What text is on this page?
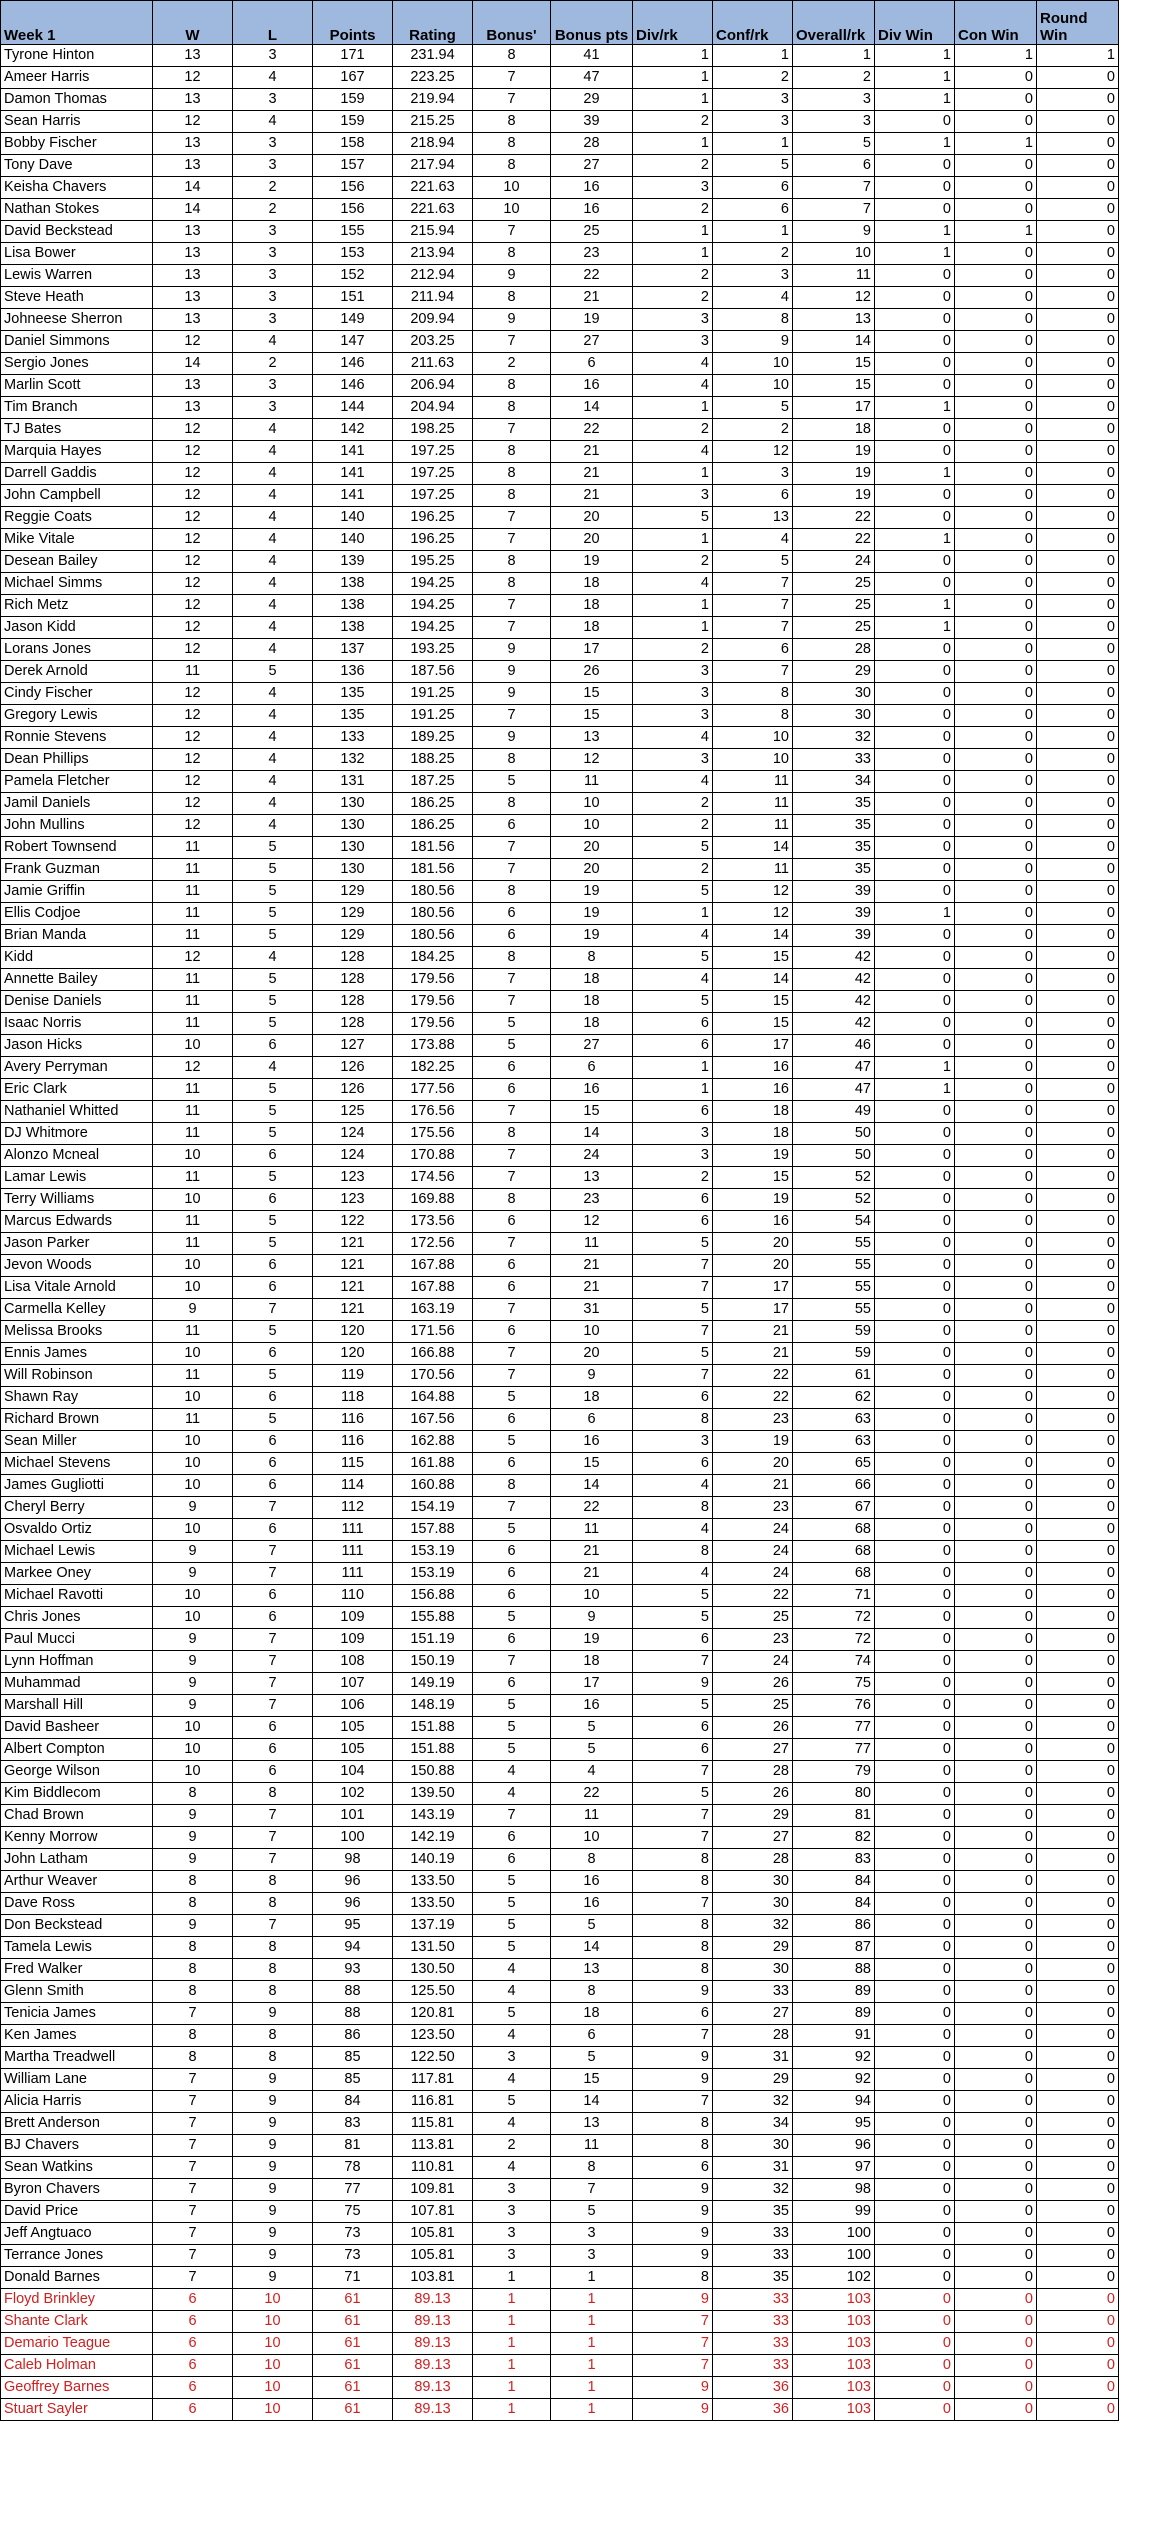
Week 1	W	L	Points	Rating	Bonus'	Bonus pts	Div/rk	Conf/rk	Overall/rk	Div Win	Con Win	Round Win
Tyrone Hinton	13	3	171	231.94	8	41	1	1	1	1	1	1
Ameer Harris	12	4	167	223.25	7	47	1	2	2	1	0	0
Damon Thomas	13	3	159	219.94	7	29	1	3	3	1	0	0
Sean Harris	12	4	159	215.25	8	39	2	3	3	0	0	0
Bobby Fischer	13	3	158	218.94	8	28	1	1	5	1	1	0
Tony Dave	13	3	157	217.94	8	27	2	5	6	0	0	0
Keisha Chavers	14	2	156	221.63	10	16	3	6	7	0	0	0
Nathan Stokes	14	2	156	221.63	10	16	2	6	7	0	0	0
David Beckstead	13	3	155	215.94	7	25	1	1	9	1	1	0
Lisa Bower	13	3	153	213.94	8	23	1	2	10	1	0	0
Lewis Warren	13	3	152	212.94	9	22	2	3	11	0	0	0
Steve Heath	13	3	151	211.94	8	21	2	4	12	0	0	0
Johneese Sherron	13	3	149	209.94	9	19	3	8	13	0	0	0
Daniel Simmons	12	4	147	203.25	7	27	3	9	14	0	0	0
Sergio Jones	14	2	146	211.63	2	6	4	10	15	0	0	0
Marlin Scott	13	3	146	206.94	8	16	4	10	15	0	0	0
Tim Branch	13	3	144	204.94	8	14	1	5	17	1	0	0
TJ Bates	12	4	142	198.25	7	22	2	2	18	0	0	0
Marquia Hayes	12	4	141	197.25	8	21	4	12	19	0	0	0
Darrell Gaddis	12	4	141	197.25	8	21	1	3	19	1	0	0
John Campbell	12	4	141	197.25	8	21	3	6	19	0	0	0
Reggie Coats	12	4	140	196.25	7	20	5	13	22	0	0	0
Mike Vitale	12	4	140	196.25	7	20	1	4	22	1	0	0
Desean Bailey	12	4	139	195.25	8	19	2	5	24	0	0	0
Michael Simms	12	4	138	194.25	8	18	4	7	25	0	0	0
Rich Metz	12	4	138	194.25	7	18	1	7	25	1	0	0
Jason Kidd	12	4	138	194.25	7	18	1	7	25	1	0	0
Lorans Jones	12	4	137	193.25	9	17	2	6	28	0	0	0
Derek Arnold	11	5	136	187.56	9	26	3	7	29	0	0	0
Cindy Fischer	12	4	135	191.25	9	15	3	8	30	0	0	0
Gregory Lewis	12	4	135	191.25	7	15	3	8	30	0	0	0
Ronnie Stevens	12	4	133	189.25	9	13	4	10	32	0	0	0
Dean Phillips	12	4	132	188.25	8	12	3	10	33	0	0	0
Pamela Fletcher	12	4	131	187.25	5	11	4	11	34	0	0	0
Jamil Daniels	12	4	130	186.25	8	10	2	11	35	0	0	0
John Mullins	12	4	130	186.25	6	10	2	11	35	0	0	0
Robert Townsend	11	5	130	181.56	7	20	5	14	35	0	0	0
Frank Guzman	11	5	130	181.56	7	20	2	11	35	0	0	0
Jamie Griffin	11	5	129	180.56	8	19	5	12	39	0	0	0
Ellis Codjoe	11	5	129	180.56	6	19	1	12	39	1	0	0
Brian Manda	11	5	129	180.56	6	19	4	14	39	0	0	0
Kidd	12	4	128	184.25	8	8	5	15	42	0	0	0
Annette Bailey	11	5	128	179.56	7	18	4	14	42	0	0	0
Denise Daniels	11	5	128	179.56	7	18	5	15	42	0	0	0
Isaac Norris	11	5	128	179.56	5	18	6	15	42	0	0	0
Jason Hicks	10	6	127	173.88	5	27	6	17	46	0	0	0
Avery Perryman	12	4	126	182.25	6	6	1	16	47	1	0	0
Eric Clark	11	5	126	177.56	6	16	1	16	47	1	0	0
Nathaniel Whitted	11	5	125	176.56	7	15	6	18	49	0	0	0
DJ Whitmore	11	5	124	175.56	8	14	3	18	50	0	0	0
Alonzo Mcneal	10	6	124	170.88	7	24	3	19	50	0	0	0
Lamar Lewis	11	5	123	174.56	7	13	2	15	52	0	0	0
Terry Williams	10	6	123	169.88	8	23	6	19	52	0	0	0
Marcus Edwards	11	5	122	173.56	6	12	6	16	54	0	0	0
Jason Parker	11	5	121	172.56	7	11	5	20	55	0	0	0
Jevon Woods	10	6	121	167.88	6	21	7	20	55	0	0	0
Lisa Vitale Arnold	10	6	121	167.88	6	21	7	17	55	0	0	0
Carmella Kelley	9	7	121	163.19	7	31	5	17	55	0	0	0
Melissa Brooks	11	5	120	171.56	6	10	7	21	59	0	0	0
Ennis James	10	6	120	166.88	7	20	5	21	59	0	0	0
Will Robinson	11	5	119	170.56	7	9	7	22	61	0	0	0
Shawn Ray	10	6	118	164.88	5	18	6	22	62	0	0	0
Richard Brown	11	5	116	167.56	6	6	8	23	63	0	0	0
Sean Miller	10	6	116	162.88	5	16	3	19	63	0	0	0
Michael Stevens	10	6	115	161.88	6	15	6	20	65	0	0	0
James Gugliotti	10	6	114	160.88	8	14	4	21	66	0	0	0
Cheryl Berry	9	7	112	154.19	7	22	8	23	67	0	0	0
Osvaldo Ortiz	10	6	111	157.88	5	11	4	24	68	0	0	0
Michael Lewis	9	7	111	153.19	6	21	8	24	68	0	0	0
Markee Oney	9	7	111	153.19	6	21	4	24	68	0	0	0
Michael Ravotti	10	6	110	156.88	6	10	5	22	71	0	0	0
Chris Jones	10	6	109	155.88	5	9	5	25	72	0	0	0
Paul Mucci	9	7	109	151.19	6	19	6	23	72	0	0	0
Lynn Hoffman	9	7	108	150.19	7	18	7	24	74	0	0	0
Muhammad	9	7	107	149.19	6	17	9	26	75	0	0	0
Marshall Hill	9	7	106	148.19	5	16	5	25	76	0	0	0
David Basheer	10	6	105	151.88	5	5	6	26	77	0	0	0
Albert Compton	10	6	105	151.88	5	5	6	27	77	0	0	0
George Wilson	10	6	104	150.88	4	4	7	28	79	0	0	0
Kim Biddlecom	8	8	102	139.50	4	22	5	26	80	0	0	0
Chad Brown	9	7	101	143.19	7	11	7	29	81	0	0	0
Kenny Morrow	9	7	100	142.19	6	10	7	27	82	0	0	0
John Latham	9	7	98	140.19	6	8	8	28	83	0	0	0
Arthur Weaver	8	8	96	133.50	5	16	8	30	84	0	0	0
Dave Ross	8	8	96	133.50	5	16	7	30	84	0	0	0
Don Beckstead	9	7	95	137.19	5	5	8	32	86	0	0	0
Tamela Lewis	8	8	94	131.50	5	14	8	29	87	0	0	0
Fred Walker	8	8	93	130.50	4	13	8	30	88	0	0	0
Glenn Smith	8	8	88	125.50	4	8	9	33	89	0	0	0
Tenicia James	7	9	88	120.81	5	18	6	27	89	0	0	0
Ken James	8	8	86	123.50	4	6	7	28	91	0	0	0
Martha Treadwell	8	8	85	122.50	3	5	9	31	92	0	0	0
William Lane	7	9	85	117.81	4	15	9	29	92	0	0	0
Alicia Harris	7	9	84	116.81	5	14	7	32	94	0	0	0
Brett Anderson	7	9	83	115.81	4	13	8	34	95	0	0	0
BJ Chavers	7	9	81	113.81	2	11	8	30	96	0	0	0
Sean Watkins	7	9	78	110.81	4	8	6	31	97	0	0	0
Byron Chavers	7	9	77	109.81	3	7	9	32	98	0	0	0
David Price	7	9	75	107.81	3	5	9	35	99	0	0	0
Jeff Angtuaco	7	9	73	105.81	3	3	9	33	100	0	0	0
Terrance Jones	7	9	73	105.81	3	3	9	33	100	0	0	0
Donald Barnes	7	9	71	103.81	1	1	8	35	102	0	0	0
Floyd Brinkley	6	10	61	89.13	1	1	9	33	103	0	0	0
Shante Clark	6	10	61	89.13	1	1	7	33	103	0	0	0
Demario Teague	6	10	61	89.13	1	1	7	33	103	0	0	0
Caleb Holman	6	10	61	89.13	1	1	7	33	103	0	0	0
Geoffrey Barnes	6	10	61	89.13	1	1	9	36	103	0	0	0
Stuart Sayler	6	10	61	89.13	1	1	9	36	103	0	0	0
